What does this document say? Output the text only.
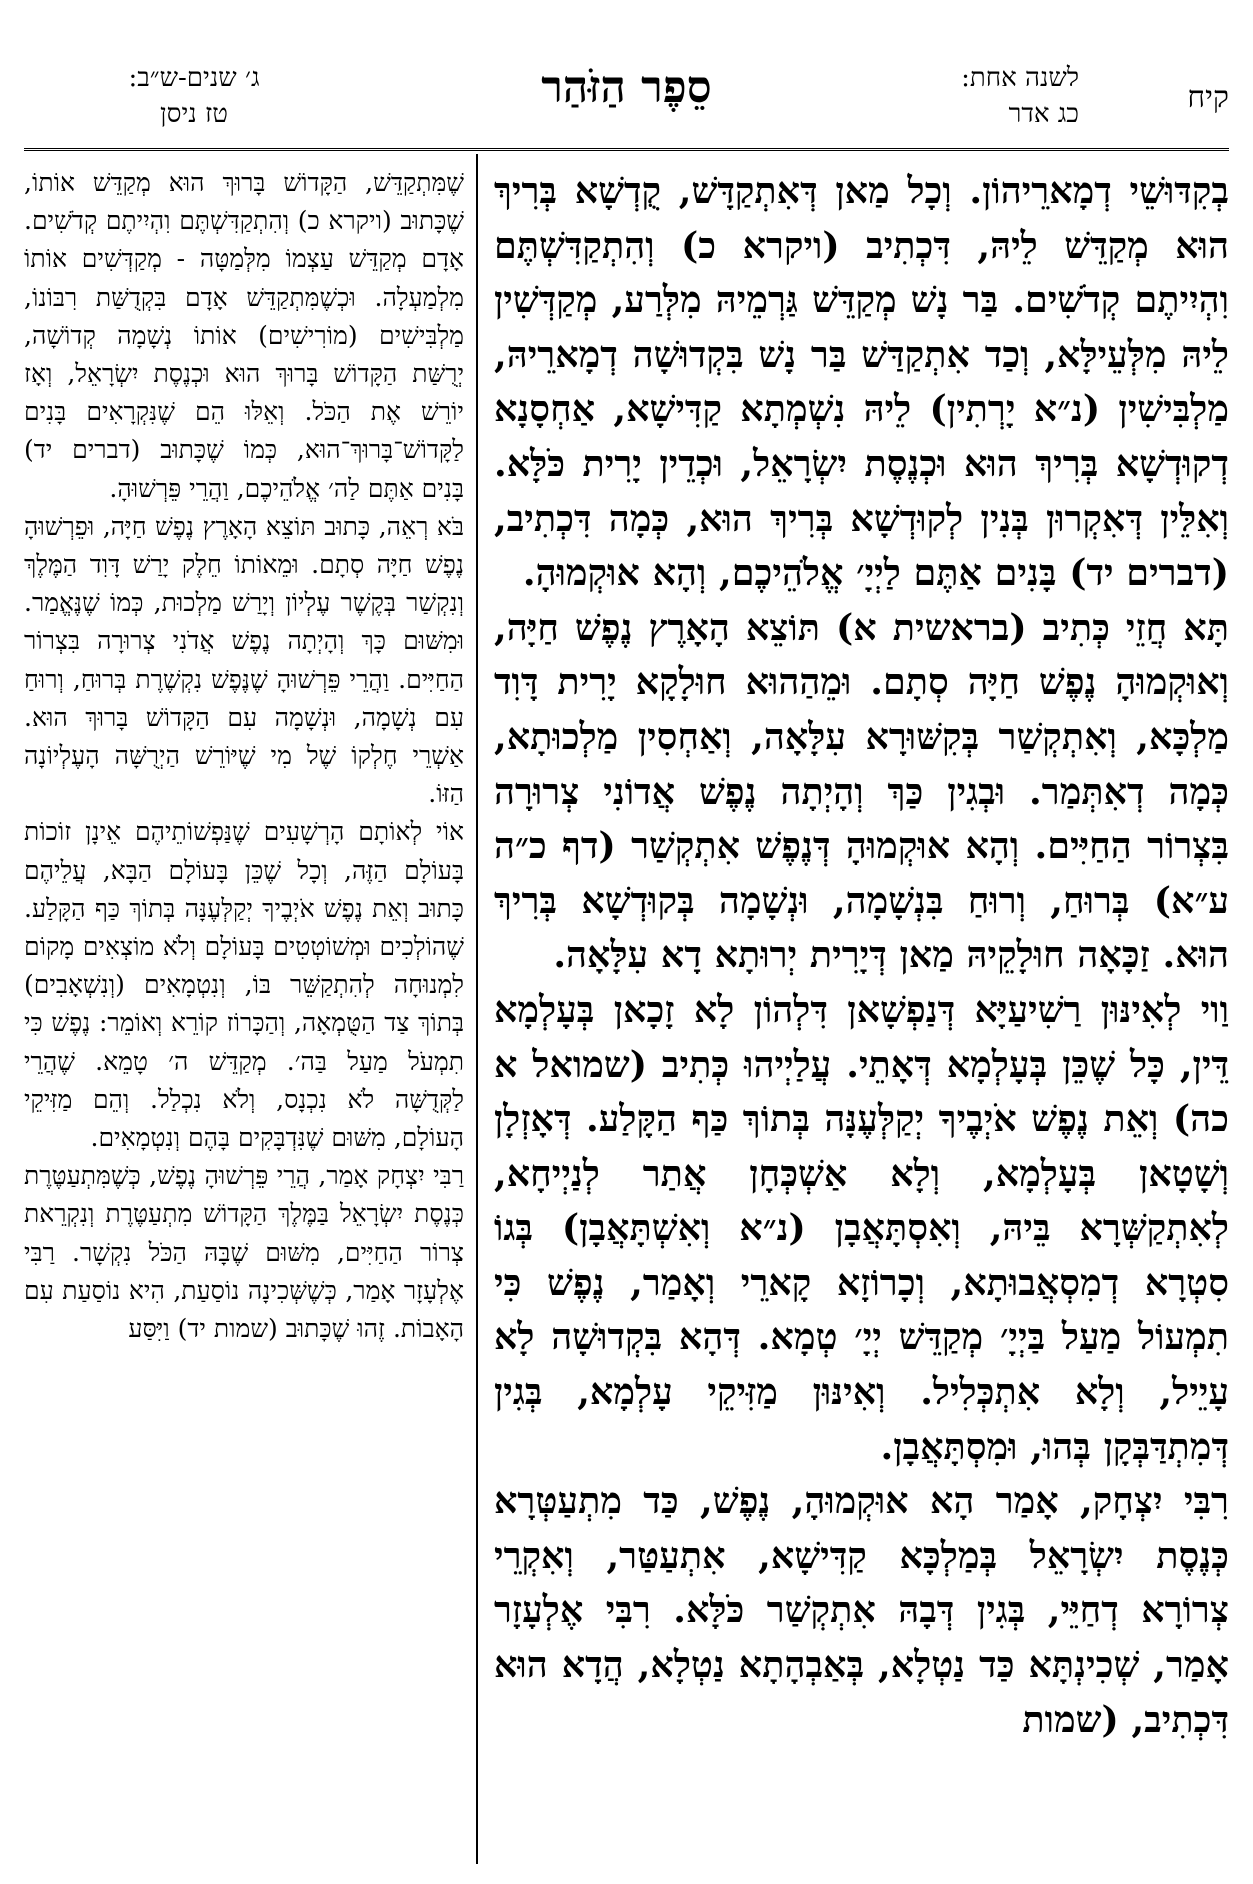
קיח
לשנה אחת:
כג אדר
סֵפֶר הַזֹּהַר
ג׳ שנים-ש״ב:
טז ניסן

בְקִדּוּשֵׁי דְמָארֵיהוֹן. וְכָל מַאן דְּאִתְקַדָּשׁ, קֻדְשָׁא בְּרִיךְ הוּא מְקַדֵּשׁ לֵיהּ, דִּכְתִיב (ויקרא כ) וְהִתְקַדִּשְׁתֶּם וִהְיִיתֶם קְדֹשִׁים. בַּר נָשׁ מְקַדֵּשׁ גַּרְמֵיהּ מִלְּרַע, מְקַדְּשִׁין לֵיהּ מִלְּעֵילָּא, וְכַד אִתְקַדַּשׁ בַּר נָשׁ בִּקְדוּשָׁה דְמָארֵיהּ, מַלְבִּישִׁין (נ״א יָרְתִין) לֵיהּ נִשְׁמְתָא קַדִּישָׁא, אַחְסָנָא דְקוּדְשָׁא בְּרִיךְ הוּא וּכְנֶסֶת יִשְׂרָאֵל, וּכְדֵין יָרִית כֹּלָּא. וְאִלֵּין דְּאִקְרוּן בְּנִין לְקוּדְשָׁא בְּרִיךְ הוּא, כְּמָה דִּכְתִיב, (דברים יד) בָּנִים אַתֶּם לַיְיָ׳ אֱלֹהֵיכֶם, וְהָא אוּקְמוּהָ.

תָּא חֲזֵי כְּתִיב (בראשית א) תּוֹצֵא הָאָרֶץ נֶפֶשׁ חַיָּה, וְאוּקְמוּהָ נֶפֶשׁ חַיָּה סְתָם. וּמֵהַהוּא חוּלָקָא יָרִית דָּוִד מַלְכָּא, וְאִתְקְשַׁר בְּקִשּׁוּרָא עִלָּאָה, וְאַחְסִין מַלְכוּתָא, כְּמָה דְאִתְּמַר. וּבְגִין כַּךְ וְהָיְתָה נֶפֶשׁ אֲדוֹנִי צְרוּרָה בִּצְרוֹר הַחַיִּים. וְהָא אוּקְמוּהָ דְּנֶפֶשׁ אִתְקְשַׁר (דף כ״ה ע״א) בְּרוּחַ, וְרוּחַ בִּנְשָׁמָה, וּנְשָׁמָה בְּקוּדְשָׁא בְּרִיךְ הוּא. זַכָּאָה חוּלָקֵיהּ מַאן דְּיָרִית יְרוּתָא דָא עִלָּאָה.

וַוי לְאִינּוּן רַשִׁיעַיָּא דְּנַפְשָׁאן דִּלְהוֹן לָא זָכָאן בְּעָלְמָא דֵּין, כָּל שֶׁכֵּן בְּעָלְמָא דְּאָתֵי. עֲלַיְיהוּ כְּתִיב (שמואל א כה) וְאֵת נֶפֶשׁ אֹיְבֶיךָ יְקַלְּעֶנָּה בְּתוֹךְ כַּף הַקָּלַע. דְּאָזְלָן וְשָׁטָאן בְּעָלְמָא, וְלָא אַשְׁכְּחָן אֲתַר לְנַיְיחָא, לְאִתְקַשְּׁרָא בֵּיהּ, וְאִסְתָּאֲבָן (נ״א וְאִשְׁתָּאֲבָן) בְּגוֹ סִטְרָא דְמִסְאֲבוּתָא, וְכָרוֹזָא קָארֵי וְאָמַר, נֶפֶשׁ כִּי תִמְעוֹל מַעַל בַּיְיָ׳ מְקַדֵּשׁ יְיָ׳ טְמָא. דְּהָא בִּקְדוּשָׁה לָא עָיֵיל, וְלָא אִתְכְּלִיל. וְאִינּוּן מַזִּיקֵי עָלְמָא, בְּגִין דְּמִתְדַּבְּקָן בְּהוּ, וּמִסְתָּאֲבָן.

רִבִּי יִצְחָק, אָמַר הָא אוּקְמוּהָ, נֶפֶשׁ, כַּד מִתְעַטְּרָא כְּנֶסֶת יִשְׂרָאֵל בְּמַלְכָּא קַדִּישָׁא, אִתְעַטַּר, וְאִקְרֵי צְרוֹרָא דְחַיֵּי, בְּגִין דְּבָהּ אִתְקְשַׁר כֹּלָּא. רִבִּי אֶלְעָזָר אָמַר, שְׁכִינְתָּא כַּד נַטְלָא, בְּאַבְהָתָא נַטְלָא, הֲדָא הוּא דִּכְתִיב, (שמות

שֶׁמִּתְקַדֵּשׁ, הַקָּדוֹשׁ בָּרוּךְ הוּא מְקַדֵּשׁ אוֹתוֹ, שֶׁכָּתוּב (ויקרא כ) וְהִתְקַדִּשְׁתֶּם וִהְיִיתֶם קְדֹשִׁים. אָדָם מְקַדֵּשׁ עַצְמוֹ מִלְּמַטָּה - מְקַדְּשִׁים אוֹתוֹ מִלְמַעְלָה. וּכְשֶׁמִּתְקַדֵּשׁ אָדָם בִּקְדֻשַּׁת רִבּוֹנוֹ, מַלְבִּישִׁים (מוֹרִישִׁים) אוֹתוֹ נְשָׁמָה קְדוֹשָׁה, יְרֻשַּׁת הַקָּדוֹשׁ בָּרוּךְ הוּא וּכְנֶסֶת יִשְׂרָאֵל, וְאָז יוֹרֵשׁ אֶת הַכֹּל. וְאֵלּוּ הֵם שֶׁנִּקְרָאִים בָּנִים לַקָּדוֹשׁ־בָּרוּךְ־הוּא, כְּמוֹ שֶׁכָּתוּב (דברים יד) בָּנִים אַתֶּם לַה׳ אֱלֹהֵיכֶם, וַהֲרֵי פֵּרְשׁוּהָ.

בֹּא רְאֵה, כָּתוּב תּוֹצֵא הָאָרֶץ נֶפֶשׁ חַיָּה, וּפֵרְשׁוּהָ נֶפֶשׁ חַיָּה סְתָם. וּמֵאוֹתוֹ חֵלֶק יָרַשׁ דָּוִד הַמֶּלֶךְ וְנִקְשַׁר בְּקֶשֶׁר עֶלְיוֹן וְיָרַשׁ מַלְכוּת, כְּמוֹ שֶׁנֶּאֱמַר. וּמִשּׁוּם כָּךְ וְהָיְתָה נֶפֶשׁ אֲדֹנִי צְרוּרָה בִּצְרוֹר הַחַיִּים. וַהֲרֵי פֵּרְשׁוּהָ שֶׁנֶּפֶשׁ נִקְשֶׁרֶת בְּרוּחַ, וְרוּחַ עִם נְשָׁמָה, וּנְשָׁמָה עִם הַקָּדוֹשׁ בָּרוּךְ הוּא. אַשְׁרֵי חֶלְקוֹ שֶׁל מִי שֶׁיּוֹרֵשׁ הַיְרֻשָּׁה הָעֶלְיוֹנָה הַזּוֹ.

אוֹי לְאוֹתָם הָרְשָׁעִים שֶׁנַּפְשׁוֹתֵיהֶם אֵינָן זוֹכוֹת בָּעוֹלָם הַזֶּה, וְכָל שֶׁכֵּן בָּעוֹלָם הַבָּא, עֲלֵיהֶם כָּתוּב וְאֵת נֶפֶשׁ אֹיְבֶיךָ יְקַלְּעֶנָּה בְּתוֹךְ כַּף הַקָּלַע. שֶׁהוֹלְכִים וּמְשׁוֹטְטִים בָּעוֹלָם וְלֹא מוֹצְאִים מָקוֹם לִמְנוּחָה לְהִתְקַשֵּׁר בּוֹ, וְנִטְמָאִים (וְנִשְׁאָבִים) בְּתוֹךְ צַד הַטֻּמְאָה, וְהַכָּרוֹז קוֹרֵא וְאוֹמֵר: נֶפֶשׁ כִּי תִמְעֹל מַעַל בַּה׳. מְקַדֵּשׁ ה׳ טָמֵא. שֶׁהֲרֵי לַקְּדֻשָּׁה לֹא נִכְנָס, וְלֹא נִכְלַל. וְהֵם מַזִּיקֵי הָעוֹלָם, מִשּׁוּם שֶׁנִּדְבָּקִים בָּהֶם וְנִטְמָאִים.

רַבִּי יִצְחָק אָמַר, הֲרֵי פֵּרְשׁוּהָ נֶפֶשׁ, כְּשֶׁמִּתְעַטֶּרֶת כְּנֶסֶת יִשְׂרָאֵל בַּמֶּלֶךְ הַקָּדוֹשׁ מִתְעַטֶּרֶת וְנִקְרֵאת צְרוֹר הַחַיִּים, מִשּׁוּם שֶׁבָּהּ הַכֹּל נִקְשָׁר. רַבִּי אֶלְעָזָר אָמַר, כְּשֶׁשְּׁכִינָה נוֹסַעַת, הִיא נוֹסַעַת עִם הָאָבוֹת. זֶהוּ שֶׁכָּתוּב (שמות יד) וַיִּסַּע
